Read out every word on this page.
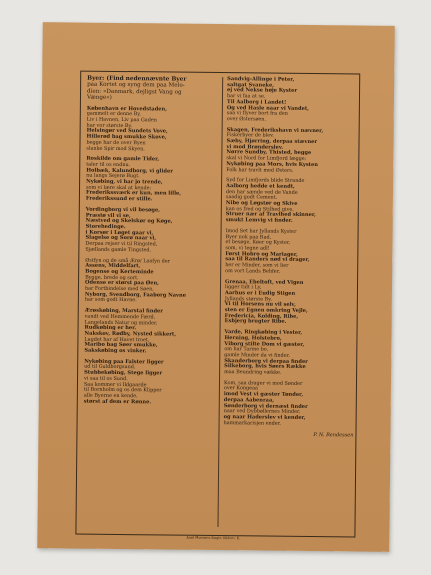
Byer: (Find nedennævnte Byer
paa Kortet og syng dem paa Melo-
dien: »Danmark, dejligst Vang og
Vænge«)
København er Hovedstaden,
gammelt er denne By,
Liv i Havnen, Liv paa Gaden
har vor største By.
Helsingør ved Sundets Vove,
Hillerød bag smukke Skove,
begge har de over Byen
slanke Spir mod Skyen.
Roskilde om gamle Tider,
taler til os endnu.
Holbæk, Kalundborg, vi glider
nu langs Sejerø Bugt.
Nykøbing, vi har jo trende,
som vi lære skal at kende;
Frederikssværk er kun, men lille,
Frederikssund er stille.
Vordingborg vi vil besøge,
Præstø vil vi se,
Næstved og Skelskør og Køge,
Storehedinge.
i Korsør i Løget gaar vi,
Slagelse og Sorø naar vi,
Derpaa rejser vi til Ringsted,
Sjællands gamle Tingsted.
Østfyn og de små Ærø/ Laafyn der
Assens, Middelfart,
Bogense og Kerteminde
Bygge, brede og sort.
Odense er størst paa Øen,
har Fortbindelse med Søen,
Nyborg, Svendborg, Faaborg Navne
har som godt Havne.
Ærøskøbing, Marstal finder
vandt ved Hemmende Færd,
Langelands Natur og minder,
Rudkøbing er her.
Nakskov, Rødby, Nysted sikkert,
Lagdet har af Havet troet,
Maribo bag Søer smukke,
Sakskøbing os vinker.
Nykøbing paa Falster ligger
ud til Guldborgsund,
Stubbekøbing, Stege ligger
vi saa til os Sund.
Saa kommer vi Ildgaarde
til Bornholm og os dem Klipper
alle Byerne en kende,
størst af dem er Rønne.
Sandvig-Allinge i Peter,
saltgat Svaneke,
ej ved Nekse høje Kyster
har vi faa at se.
Til Aalborg i Landet!
Og ved Hasle naar vi Vandet,
saa vi flyver bort fra den
over Østersøen.
Skagen, Frederikshavn vi nævner,
Fiskerbyer de blev.
Sæby, Hjørring, derpaa stævner
vi mod Brønderslev.
Nørre Sundby, Thisted, begge
skal vi Nord for Limfjord lægge;
Nykøbing paa Mors, hvis Kysten
Folk har travlt med Østers.
Syd for Limfjords blide Strande
Aalborg hedde et kendt,
den har sænde ved de Vande
saadig godt Cement.
Nibe og Løgstør og Skive
kan os fred og Stilhed give,
Struer nær af Travlhed skinner,
smukt Lemvig vi finder.
Imod Set har Jyllands Kyster
Byer nok paa Rad,
et besøge, Køer og Kyster,
som, vi tegne adl!
Først Hobro og Mariager,
saa til Randers nød vi drager,
her er Minder, som vi lier
om vort Lands Behfer.
Grenaa, Ebeltoft, ved Vigen
ligger tidt i Ly,
Aarhus er i Eudig Stigen
Jyllands største By.
Vi til Horsens nu vil selv,
sten er Egnen omkring Vejle,
Fredericia, Kolding, Ribe,
Esbjerg brugter Ribe.
Varde, Ringkøbing i Vester,
Herning, Holstebro,
Viborg stilte Dom vi gæster,
om har Tarme bo,
gamle Minder da vi finder,
Skanderborg vi derpaa finder
Silkeborg, hvis Søers Række
maa Beundring vække.
Kom, saa drager vi mod Sønder
over Kongeaa
imod Vest vi gæster Tønder,
derpaa Aabenraa,
Sønderborg vi dernæst finder
naar ved Dybbøllernes Minder,
og naar Haderslev vi kender,
hammarkarisjen ender.
P. N. Bendessen
Axel Morsens Bogtr. Kbhvn. K.
